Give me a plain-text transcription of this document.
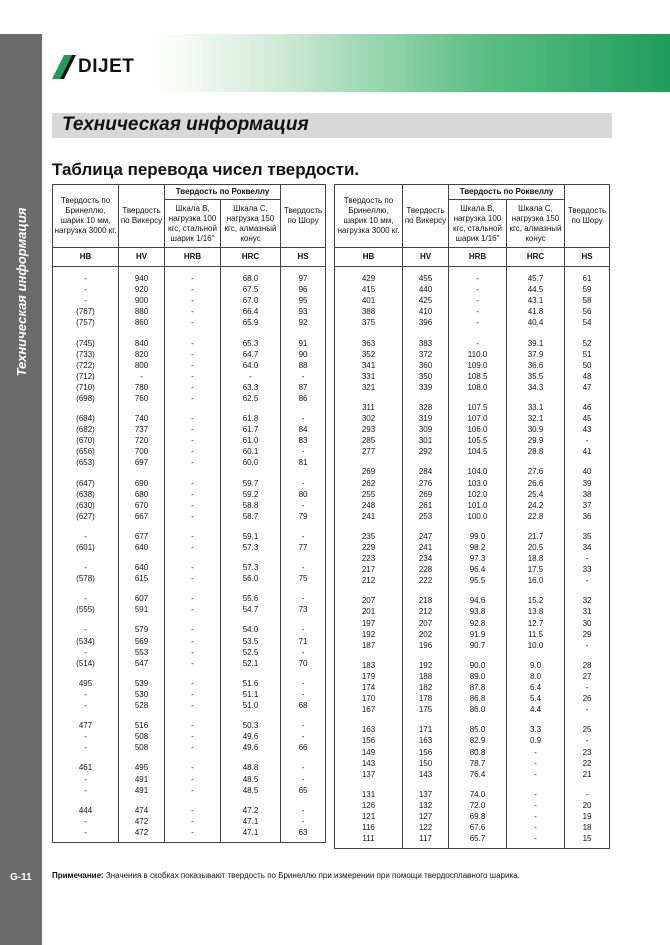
Техническая информация
G-11
DIJET
Техническая информация
Таблица перевода чисел твердости.
Твердость по Бринеллю, шарик 10 мм, нагрузка 3000 кг.	Твердость по Викерсу	Твердость по Роквеллу		Твердость по Шору
		Шкала В, нагрузка 100 кгс, стальной шарик 1/16"	Шкала С, нагрузка 150 кгс, алмазный конус	
HB	HV	HRB	HRC	HS
-	940	-	68.0	97
-	920	-	67.5	96
-	900	-	67.0	95
(767)	880	-	66.4	93
(757)	860	-	65.9	92

(745)	840	-	65.3	91
(733)	820	-	64.7	90
(722)	800	-	64.0	88
(712)	-	-	-	-
(710)	780	-	63.3	87
(698)	760	-	62.5	86

(684)	740	-	61.8	-
(682)	737	-	61.7	84
(670)	720	-	61.0	83
(656)	700	-	60.1	-
(653)	697	-	60.0	81

(647)	690	-	59.7	-
(638)	680	-	59.2	80
(630)	670	-	58.8	-
(627)	667	-	58.7	79

-	677	-	59.1	-
(601)	640	-	57.3	77

-	640	-	57.3	-
(578)	615	-	56.0	75

-	607	-	55.6	-
(555)	591	-	54.7	73

-	579	-	54.0	-
(534)	569	-	53.5	71
-	553	-	52.5	-
(514)	547	-	52.1	70

495	539	-	51.6	-
-	530	-	51.1	-
-	528	-	51.0	68

477	516	-	50.3	-
-	508	-	49.6	-
-	508	-	49.6	66

461	495	-	48.8	-
-	491	-	48.5	-
-	491	-	48.5	65

444	474	-	47.2	-
-	472	-	47.1	-
-	472	-	47.1	63
Твердость по Бринеллю, шарик 10 мм, нагрузка 3000 кг.	Твердость по Викерсу	Твердость по Роквеллу		Твердость по Шору
		Шкала В, нагрузка 100 кгс, стальной шарик 1/16"	Шкала С, нагрузка 150 кгс, алмазный конус	
HB	HV	HRB	HRC	HS
429	455	-	45.7	61
415	440	-	44.5	59
401	425	-	43.1	58
388	410	-	41.8	56
375	396	-	40.4	54

363	383	-	39.1	52
352	372	110.0	37.9	51
341	360	109.0	36.6	50
331	350	108.5	35.5	48
321	339	108.0	34.3	47

311	328	107.5	33.1	46
302	319	107.0	32.1	45
293	309	106.0	30.9	43
285	301	105.5	29.9	-
277	292	104.5	28.8	41

269	284	104.0	27.6	40
262	276	103.0	26.6	39
255	269	102.0	25.4	38
248	261	101.0	24.2	37
241	253	100.0	22.8	36

235	247	99.0	21.7	35
229	241	98.2	20.5	34
223	234	97.3	18.8	-
217	228	96.4	17.5	33
212	222	95.5	16.0	-

207	218	94.6	15.2	32
201	212	93.8	13.8	31
197	207	92.8	12.7	30
192	202	91.9	11.5	29
187	196	90.7	10.0	-

183	192	90.0	9.0	28
179	188	89.0	8.0	27
174	182	87.8	6.4	-
170	178	86.8	5.4	26
167	175	86.0	4.4	-

163	171	85.0	3.3	25
156	163	82.9	0.9	-
149	156	80.8	-	23
143	150	78.7	-	22
137	143	76.4	-	21

131	137	74.0	-	-
126	132	72.0	-	20
121	127	69.8	-	19
116	122	67.6	-	18
111	117	65.7	-	15
Примечание: Значения в скобках показывают твердость по Бринеллю при измерении при помощи твердосплавного шарика.
